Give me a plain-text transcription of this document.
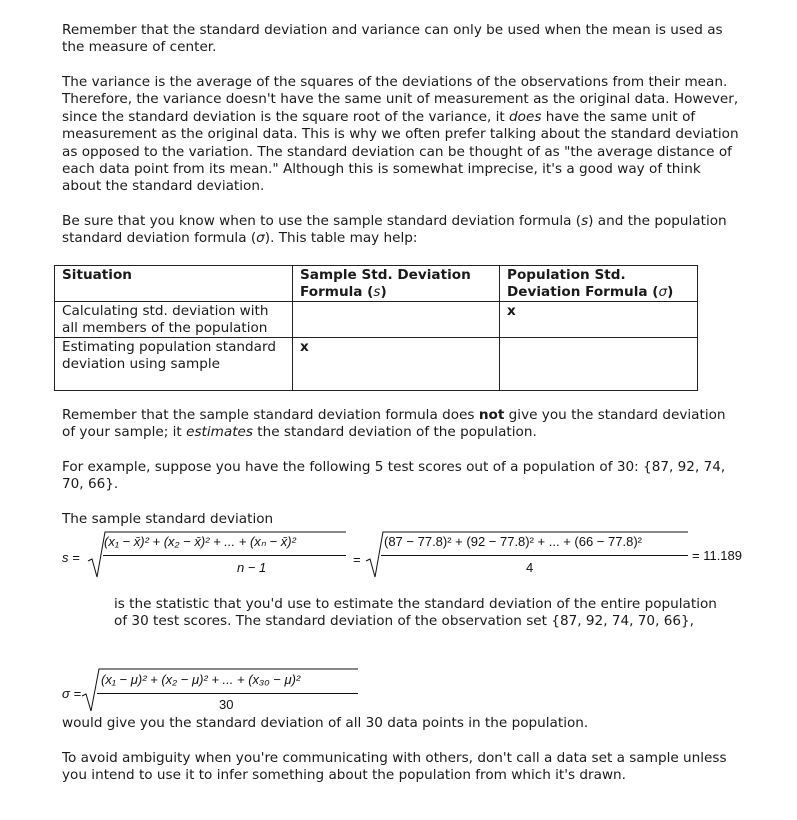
Remember that the standard deviation and variance can only be used when the mean is used as the measure of center.

The variance is the average of the squares of the deviations of the observations from their mean. Therefore, the variance doesn't have the same unit of measurement as the original data. However, since the standard deviation is the square root of the variance, it does have the same unit of measurement as the original data. This is why we often prefer talking about the standard deviation as opposed to the variation. The standard deviation can be thought of as "the average distance of each data point from its mean." Although this is somewhat imprecise, it's a good way of think about the standard deviation.

Be sure that you know when to use the sample standard deviation formula (s) and the population standard deviation formula (σ). This table may help:

Situation	Sample Std. Deviation Formula (s)	Population Std. Deviation Formula (σ)
Calculating std. deviation with all members of the population		x
Estimating population standard deviation using sample	x	

Remember that the sample standard deviation formula does not give you the standard deviation of your sample; it estimates the standard deviation of the population.

For example, suppose you have the following 5 test scores out of a population of 30: {87, 92, 74, 70, 66}.

The sample standard deviation

s =
(x₁ − x̄)² + (x₂ − x̄)² + ... + (xₙ − x̄)²
n − 1
=
(87 − 77.8)² + (92 − 77.8)² + ... + (66 − 77.8)²
4
= 11.189

is the statistic that you'd use to estimate the standard deviation of the entire population of 30 test scores. The standard deviation of the observation set {87, 92, 74, 70, 66},

σ =
(x₁ − μ)² + (x₂ − μ)² + ... + (x₃₀ − μ)²
30

would give you the standard deviation of all 30 data points in the population.

To avoid ambiguity when you're communicating with others, don't call a data set a sample unless you intend to use it to infer something about the population from which it's drawn.
